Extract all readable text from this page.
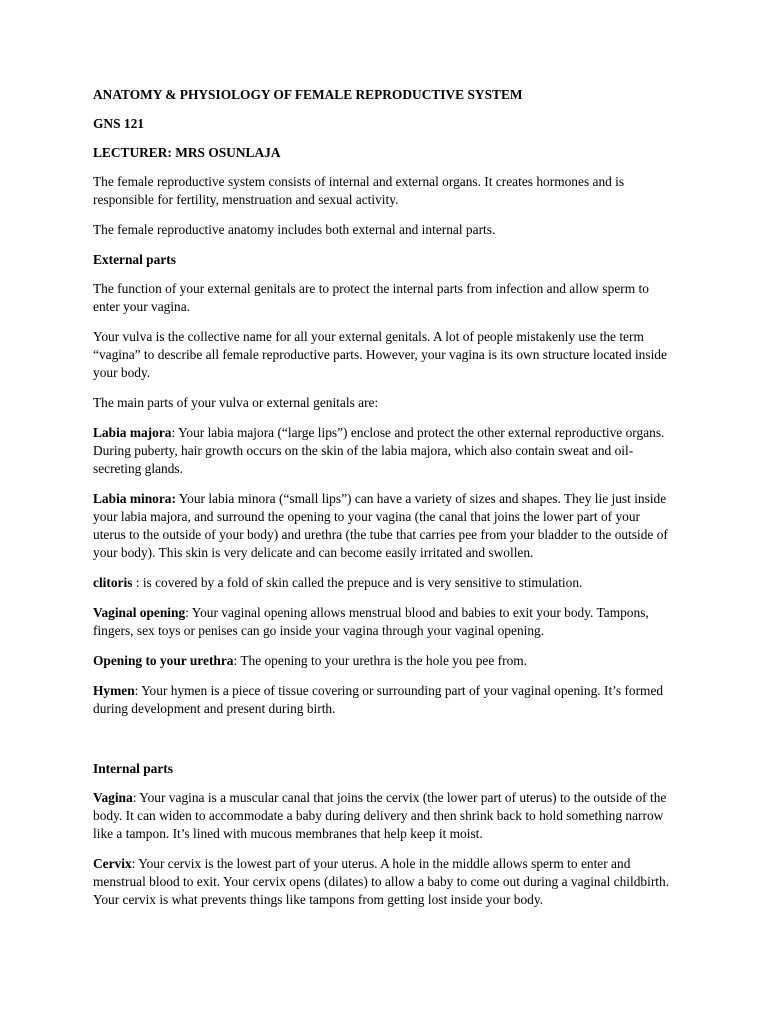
ANATOMY & PHYSIOLOGY OF FEMALE REPRODUCTIVE SYSTEM

GNS 121

LECTURER: MRS OSUNLAJA

The female reproductive system consists of internal and external organs. It creates hormones and is responsible for fertility, menstruation and sexual activity.

The female reproductive anatomy includes both external and internal parts.

External parts

The function of your external genitals are to protect the internal parts from infection and allow sperm to enter your vagina.

Your vulva is the collective name for all your external genitals. A lot of people mistakenly use the term “vagina” to describe all female reproductive parts. However, your vagina is its own structure located inside your body.

The main parts of your vulva or external genitals are:

Labia majora: Your labia majora (“large lips”) enclose and protect the other external reproductive organs. During puberty, hair growth occurs on the skin of the labia majora, which also contain sweat and oil-secreting glands.

Labia minora: Your labia minora (“small lips”) can have a variety of sizes and shapes. They lie just inside your labia majora, and surround the opening to your vagina (the canal that joins the lower part of your uterus to the outside of your body) and urethra (the tube that carries pee from your bladder to the outside of your body). This skin is very delicate and can become easily irritated and swollen.

clitoris : is covered by a fold of skin called the prepuce and is very sensitive to stimulation.

Vaginal opening: Your vaginal opening allows menstrual blood and babies to exit your body. Tampons, fingers, sex toys or penises can go inside your vagina through your vaginal opening.

Opening to your urethra: The opening to your urethra is the hole you pee from.

Hymen: Your hymen is a piece of tissue covering or surrounding part of your vaginal opening. It’s formed during development and present during birth.

Internal parts

Vagina: Your vagina is a muscular canal that joins the cervix (the lower part of uterus) to the outside of the body. It can widen to accommodate a baby during delivery and then shrink back to hold something narrow like a tampon. It’s lined with mucous membranes that help keep it moist.

Cervix: Your cervix is the lowest part of your uterus. A hole in the middle allows sperm to enter and menstrual blood to exit. Your cervix opens (dilates) to allow a baby to come out during a vaginal childbirth. Your cervix is what prevents things like tampons from getting lost inside your body.
